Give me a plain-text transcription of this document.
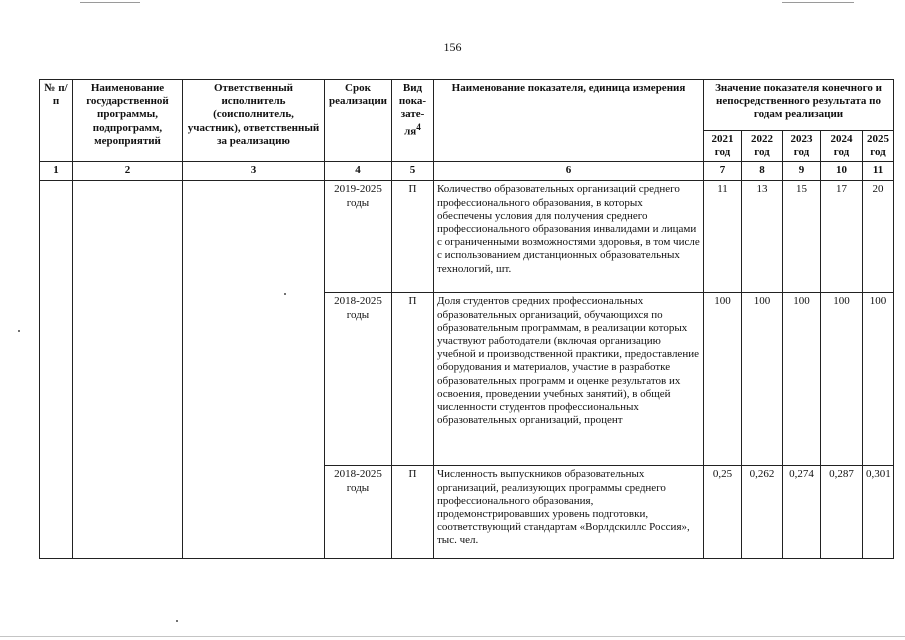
156
№ п/п	Наименование государственной программы, подпрограмм, мероприятий	Ответственный исполнитель (соисполнитель, участник), ответственный за реализацию	Срок реализации	Вид пока-$зате-ля^4$	Наименование показателя, единица измерения	Значение показателя конечного и непосредственного результата по годам реализации				
						2021 год	2022 год	2023 год	2024 год	2025 год
1	2	3	4	5	6	7	8	9	10	11
			2019-2025 годы	П	Количество образовательных организаций среднего профессионального образования, в которых обеспечены условия для получения среднего профессионального образования инвалидами и лицами с ограниченными возможностями здоровья, в том числе с использованием дистанционных образовательных технологий, шт.	11	13	15	17	20
			2018-2025 годы	П	Доля студентов средних профессиональных образовательных организаций, обучающихся по образовательным программам, в реализации которых участвуют работодатели (включая организацию учебной и производственной практики, предоставление оборудования и материалов, участие в разработке образовательных программ и оценке результатов их освоения, проведении учебных занятий), в общей численности студентов профессиональных образовательных организаций, процент	100	100	100	100	100
			2018-2025 годы	П	Численность выпускников образовательных организаций, реализующих программы среднего профессионального образования, продемонстрировавших уровень подготовки, соответствующий стандартам «Ворлдскиллс Россия», тыс. чел.	0,25	0,262	0,274	0,287	0,301
